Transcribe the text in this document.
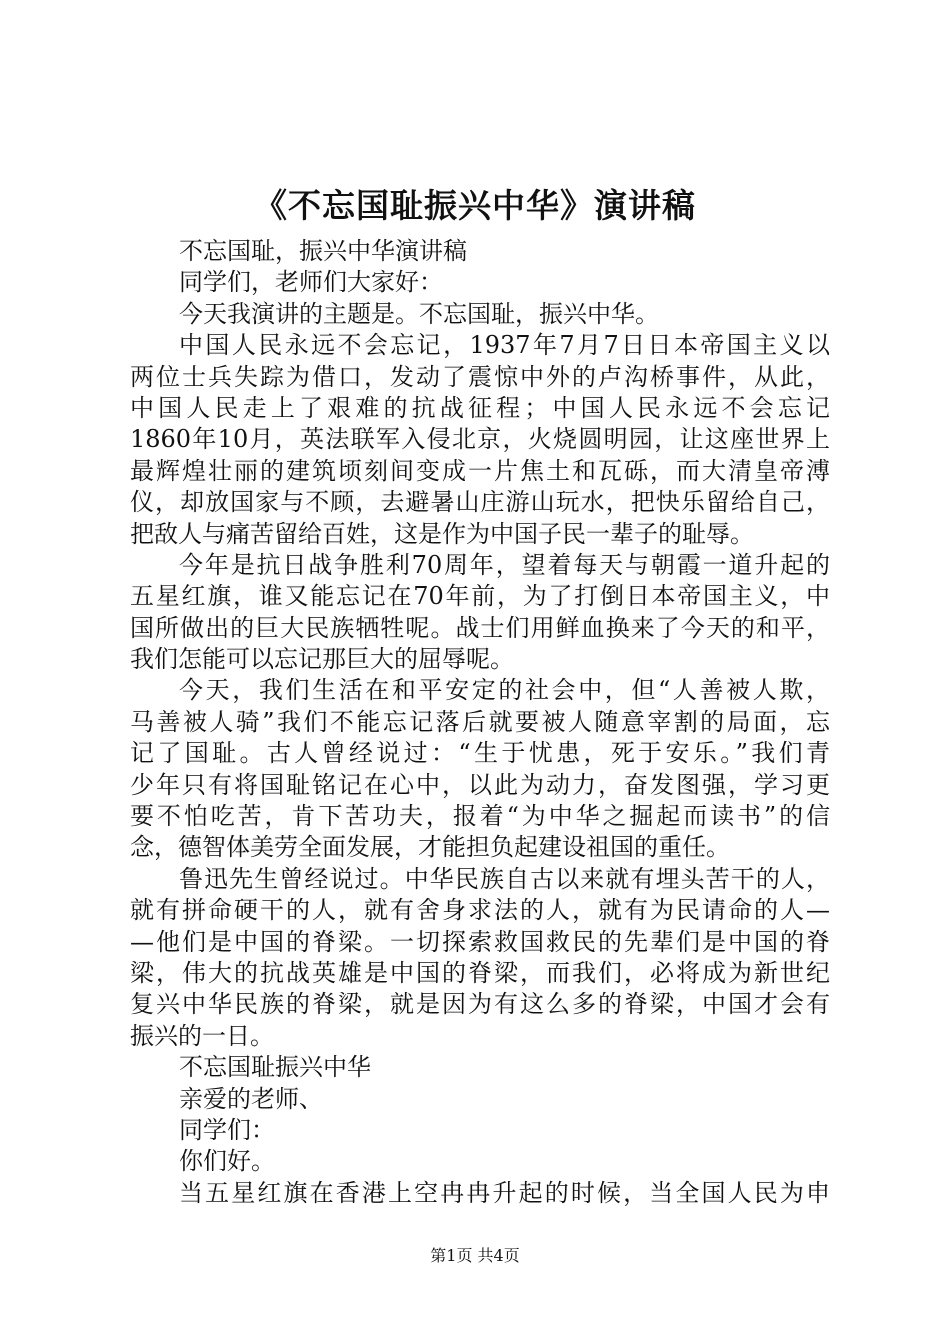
《不忘国耻振兴中华》演讲稿
不忘国耻，振兴中华演讲稿
同学们，老师们大家好：
今天我演讲的主题是。不忘国耻，振兴中华。
中国人民永远不会忘记，1937年7月7日日本帝国主义以
两位士兵失踪为借口，发动了震惊中外的卢沟桥事件，从此，
中国人民走上了艰难的抗战征程；中国人民永远不会忘记
1860年10月，英法联军入侵北京，火烧圆明园，让这座世界上
最辉煌壮丽的建筑顷刻间变成一片焦土和瓦砾，而大清皇帝溥
仪，却放国家与不顾，去避暑山庄游山玩水，把快乐留给自己，
把敌人与痛苦留给百姓，这是作为中国子民一辈子的耻辱。
今年是抗日战争胜利70周年，望着每天与朝霞一道升起的
五星红旗，谁又能忘记在70年前，为了打倒日本帝国主义，中
国所做出的巨大民族牺牲呢。战士们用鲜血换来了今天的和平，
我们怎能可以忘记那巨大的屈辱呢。
今天，我们生活在和平安定的社会中，但“人善被人欺，
马善被人骑”我们不能忘记落后就要被人随意宰割的局面，忘
记了国耻。古人曾经说过：“生于忧患，死于安乐。”我们青
少年只有将国耻铭记在心中，以此为动力，奋发图强，学习更
要不怕吃苦，肯下苦功夫，报着“为中华之掘起而读书”的信
念，德智体美劳全面发展，才能担负起建设祖国的重任。
鲁迅先生曾经说过。中华民族自古以来就有埋头苦干的人，
就有拼命硬干的人，就有舍身求法的人，就有为民请命的人—
—他们是中国的脊梁。一切探索救国救民的先辈们是中国的脊
梁，伟大的抗战英雄是中国的脊梁，而我们，必将成为新世纪
复兴中华民族的脊梁，就是因为有这么多的脊梁，中国才会有
振兴的一日。
不忘国耻振兴中华
亲爱的老师、
同学们：
你们好。
当五星红旗在香港上空冉冉升起的时候，当全国人民为申

第1页 共4页
